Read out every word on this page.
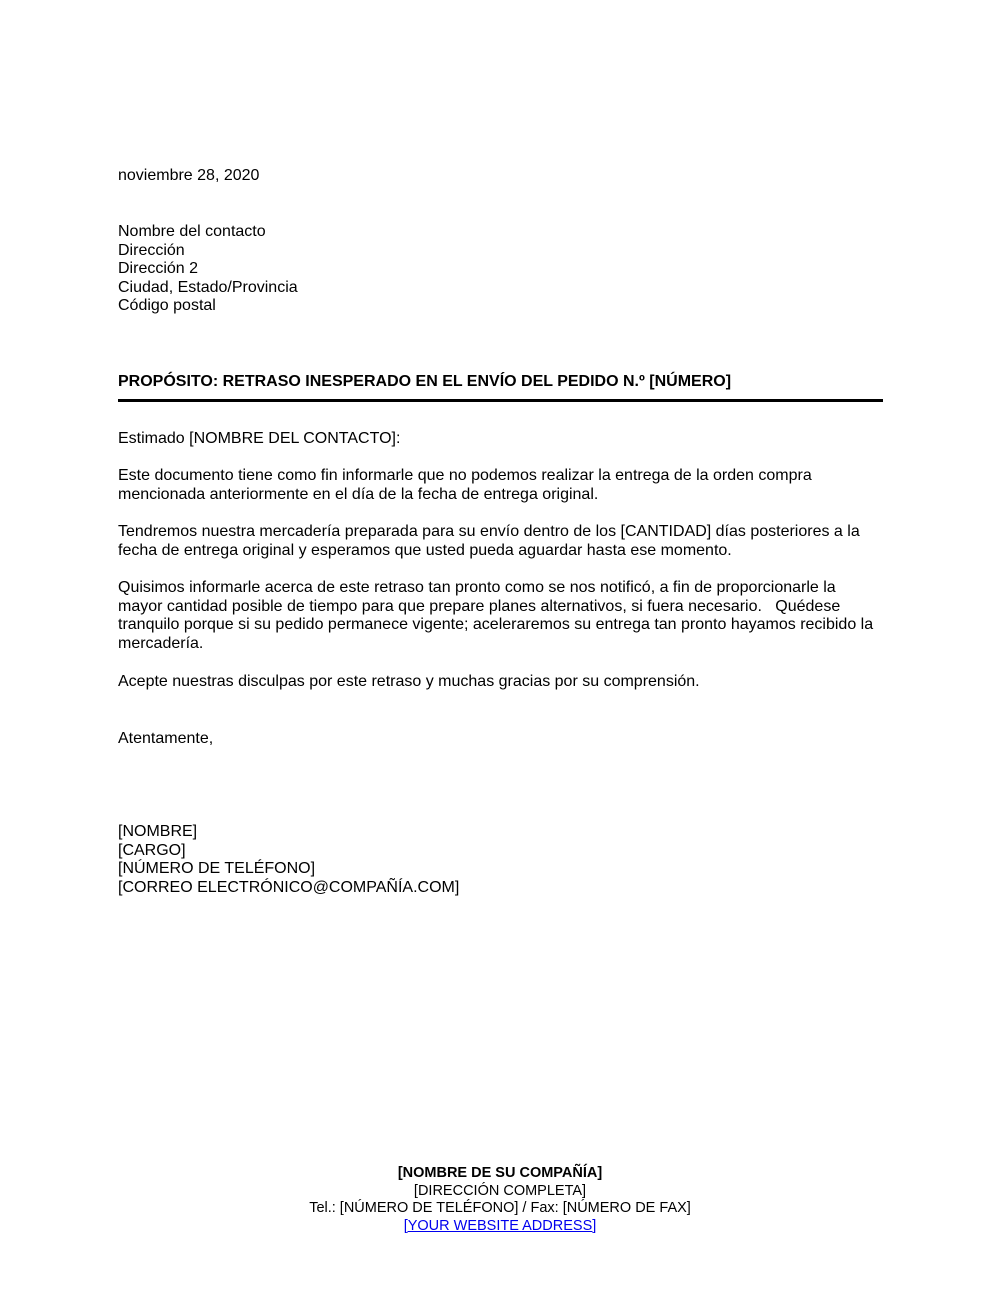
noviembre 28, 2020
Nombre del contacto
Dirección
Dirección 2
Ciudad, Estado/Provincia
Código postal
PROPÓSITO: RETRASO INESPERADO EN EL ENVÍO DEL PEDIDO N.º [NÚMERO]
Estimado [NOMBRE DEL CONTACTO]:
Este documento tiene como fin informarle que no podemos realizar la entrega de la orden compra mencionada anteriormente en el día de la fecha de entrega original.
Tendremos nuestra mercadería preparada para su envío dentro de los [CANTIDAD] días posteriores a la fecha de entrega original y esperamos que usted pueda aguardar hasta ese momento.
Quisimos informarle acerca de este retraso tan pronto como se nos notificó, a fin de proporcionarle la mayor cantidad posible de tiempo para que prepare planes alternativos, si fuera necesario.   Quédese tranquilo porque si su pedido permanece vigente; aceleraremos su entrega tan pronto hayamos recibido la mercadería.
Acepte nuestras disculpas por este retraso y muchas gracias por su comprensión.
Atentamente,
[NOMBRE]
[CARGO]
[NÚMERO DE TELÉFONO]
[CORREO ELECTRÓNICO@COMPAÑÍA.COM]
[NOMBRE DE SU COMPAÑÍA]
[DIRECCIÓN COMPLETA]
Tel.: [NÚMERO DE TELÉFONO] / Fax: [NÚMERO DE FAX]
[YOUR WEBSITE ADDRESS]
